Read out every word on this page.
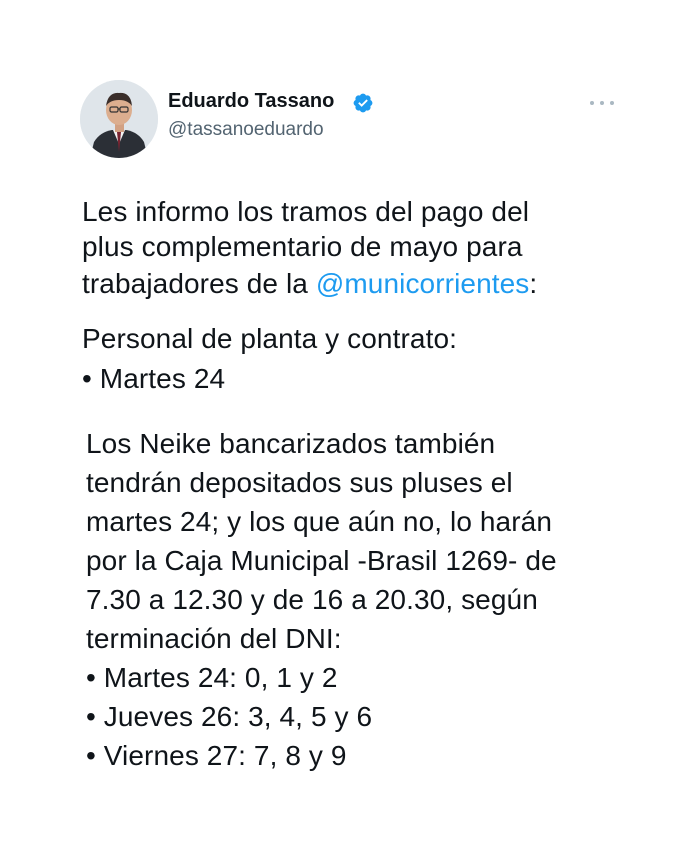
Eduardo Tassano
@tassanoeduardo
Les informo los tramos del pago del
plus complementario de mayo para
trabajadores de la @municorrientes:
Personal de planta y contrato:
• Martes 24
Los Neike bancarizados también
tendrán depositados sus pluses el
martes 24; y los que aún no, lo harán
por la Caja Municipal -Brasil 1269- de
7.30 a 12.30 y de 16 a 20.30, según
terminación del DNI:
• Martes 24: 0, 1 y 2
• Jueves 26: 3, 4, 5 y 6
• Viernes 27: 7, 8 y 9
